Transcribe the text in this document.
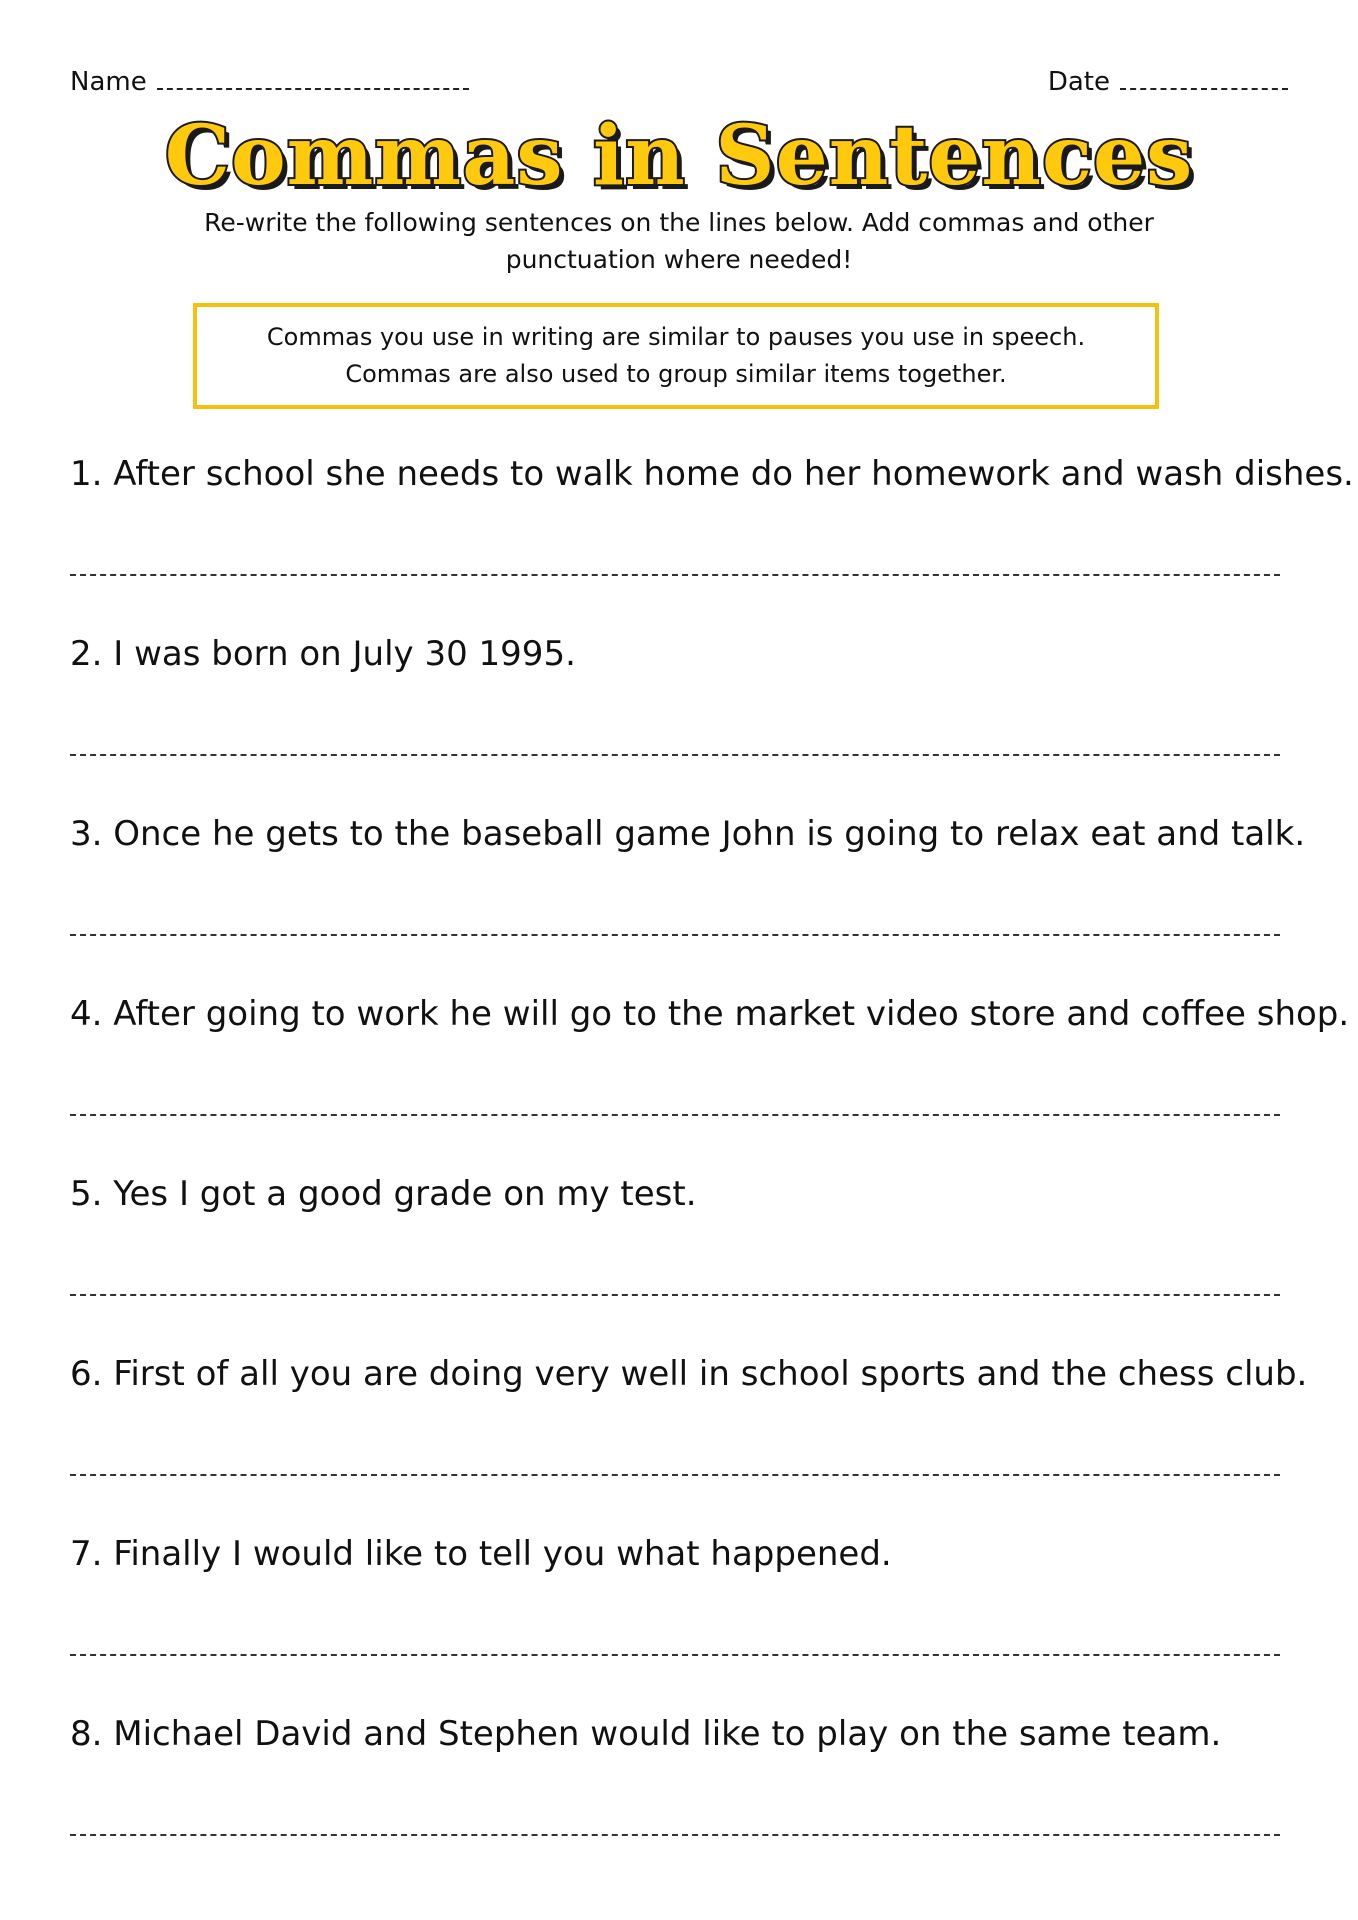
Name	Date
Commas in Sentences
Re-write the following sentences on the lines below. Add commas and other punctuation where needed!
Commas you use in writing are similar to pauses you use in speech. Commas are also used to group similar items together.
1. After school she needs to walk home do her homework and wash dishes.
2. I was born on July 30 1995.
3. Once he gets to the baseball game John is going to relax eat and talk.
4. After going to work he will go to the market video store and coffee shop.
5. Yes I got a good grade on my test.
6. First of all you are doing very well in school sports and the chess club.
7. Finally I would like to tell you what happened.
8. Michael David and Stephen would like to play on the same team.
